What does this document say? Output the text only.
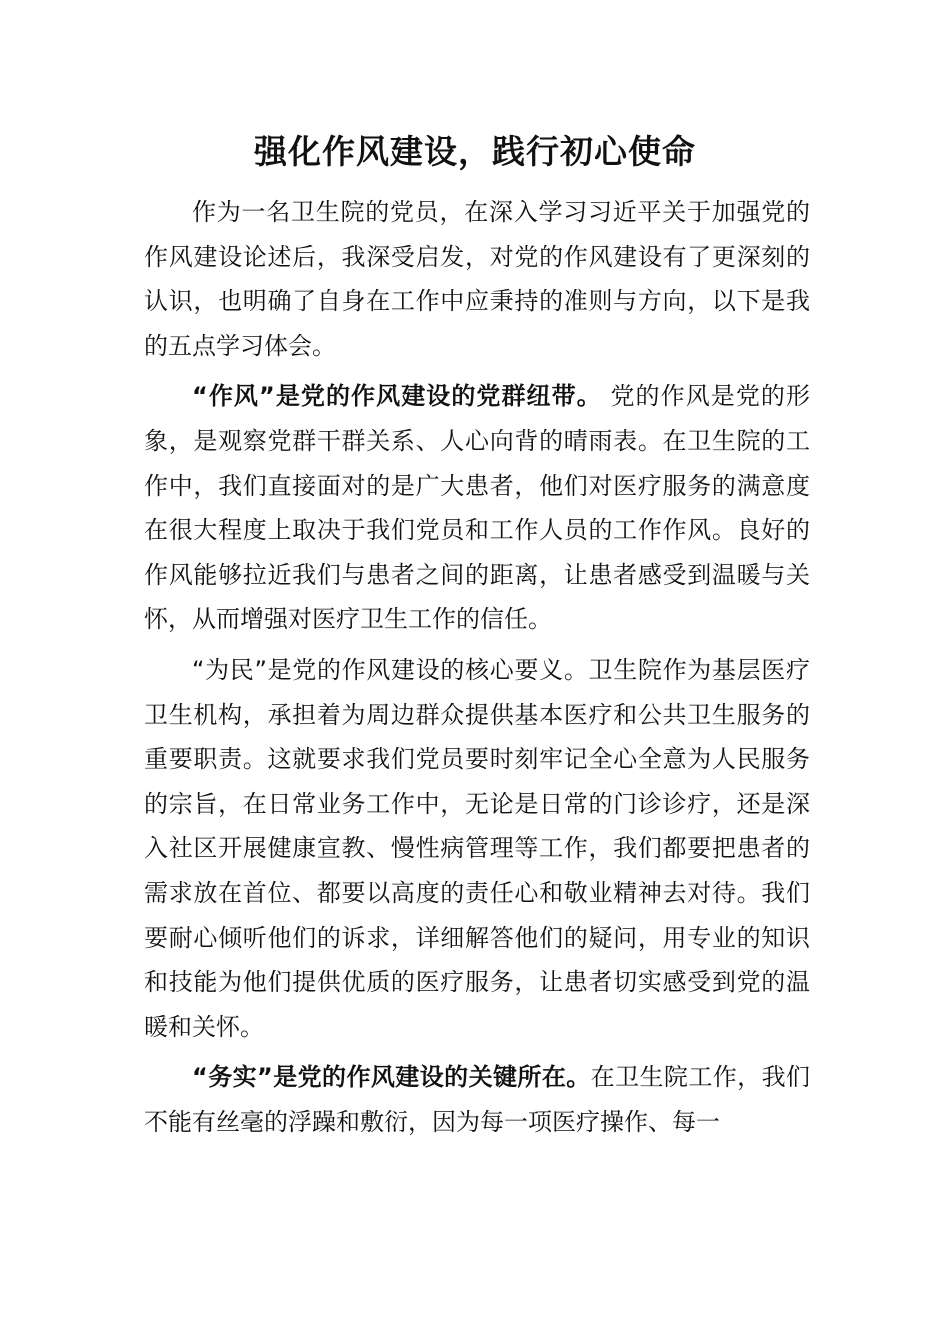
强化作风建设，践行初心使命

作为一名卫生院的党员，在深入学习习近平关于加强党的作风建设论述后，我深受启发，对党的作风建设有了更深刻的认识，也明确了自身在工作中应秉持的准则与方向，以下是我的五点学习体会。

“作风”是党的作风建设的党群纽带。 党的作风是党的形象，是观察党群干群关系、人心向背的晴雨表。在卫生院的工作中，我们直接面对的是广大患者，他们对医疗服务的满意度在很大程度上取决于我们党员和工作人员的工作作风。良好的作风能够拉近我们与患者之间的距离，让患者感受到温暖与关怀，从而增强对医疗卫生工作的信任。

“为民”是党的作风建设的核心要义。卫生院作为基层医疗卫生机构，承担着为周边群众提供基本医疗和公共卫生服务的重要职责。这就要求我们党员要时刻牢记全心全意为人民服务的宗旨，在日常业务工作中，无论是日常的门诊诊疗，还是深入社区开展健康宣教、慢性病管理等工作，我们都要把患者的需求放在首位、都要以高度的责任心和敬业精神去对待。我们要耐心倾听他们的诉求，详细解答他们的疑问，用专业的知识和技能为他们提供优质的医疗服务，让患者切实感受到党的温暖和关怀。

“务实”是党的作风建设的关键所在。在卫生院工作，我们不能有丝毫的浮躁和敷衍，因为每一项医疗操作、每一
